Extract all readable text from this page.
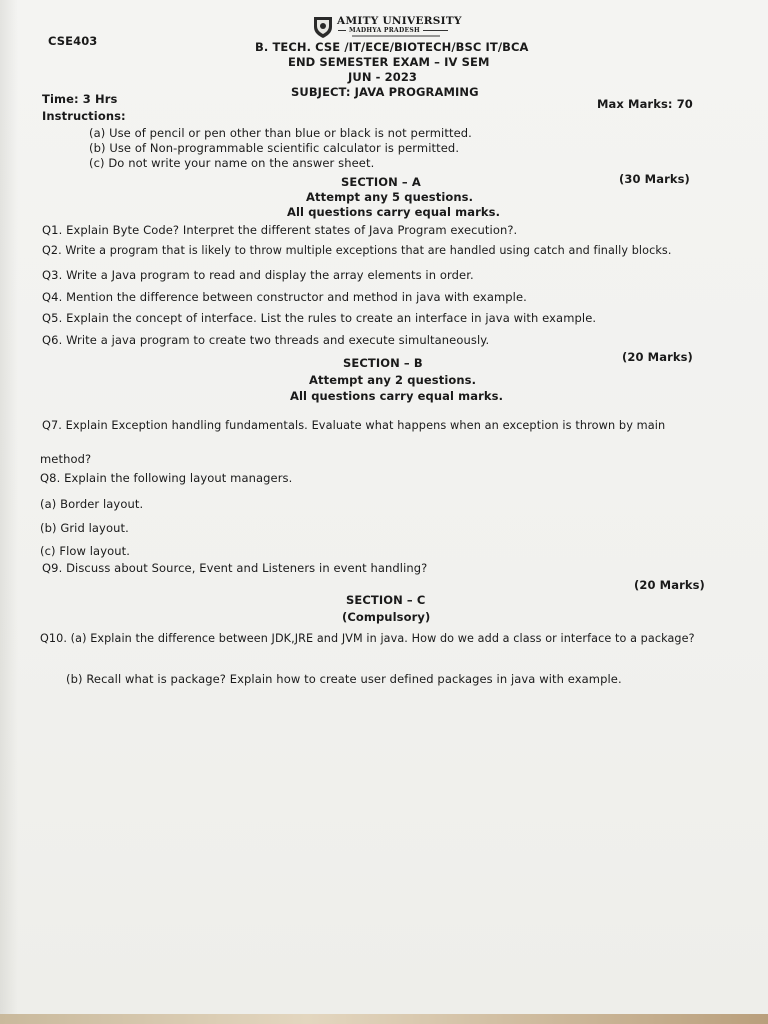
AMITY UNIVERSITY
MADHYA PRADESH
CSE403	B. TECH. CSE /IT/ECE/BIOTECH/BSC IT/BCA
END SEMESTER EXAM – IV SEM
JUN - 2023
SUBJECT: JAVA PROGRAMING
Time: 3 Hrs	Max Marks: 70
Instructions:
(a) Use of pencil or pen other than blue or black is not permitted.
(b) Use of Non-programmable scientific calculator is permitted.
(c) Do not write your name on the answer sheet.
SECTION – A	(30 Marks)
Attempt any 5 questions.
All questions carry equal marks.
Q1. Explain Byte Code? Interpret the different states of Java Program execution?.
Q2. Write a program that is likely to throw multiple exceptions that are handled using catch and finally blocks.
Q3. Write a Java program to read and display the array elements in order.
Q4. Mention the difference between constructor and method in java with example.
Q5. Explain the concept of interface. List the rules to create an interface in java with example.
Q6. Write a java program to create two threads and execute simultaneously.
SECTION – B	(20 Marks)
Attempt any 2 questions.
All questions carry equal marks.
Q7. Explain Exception handling fundamentals. Evaluate what happens when an exception is thrown by main
method?
Q8. Explain the following layout managers.
(a) Border layout.
(b) Grid layout.
(c) Flow layout.
Q9. Discuss about Source, Event and Listeners in event handling?
(20 Marks)
SECTION – C
(Compulsory)
Q10. (a) Explain the difference between JDK,JRE and JVM in java. How do we add a class or interface to a package?
(b) Recall what is package? Explain how to create user defined packages in java with example.
